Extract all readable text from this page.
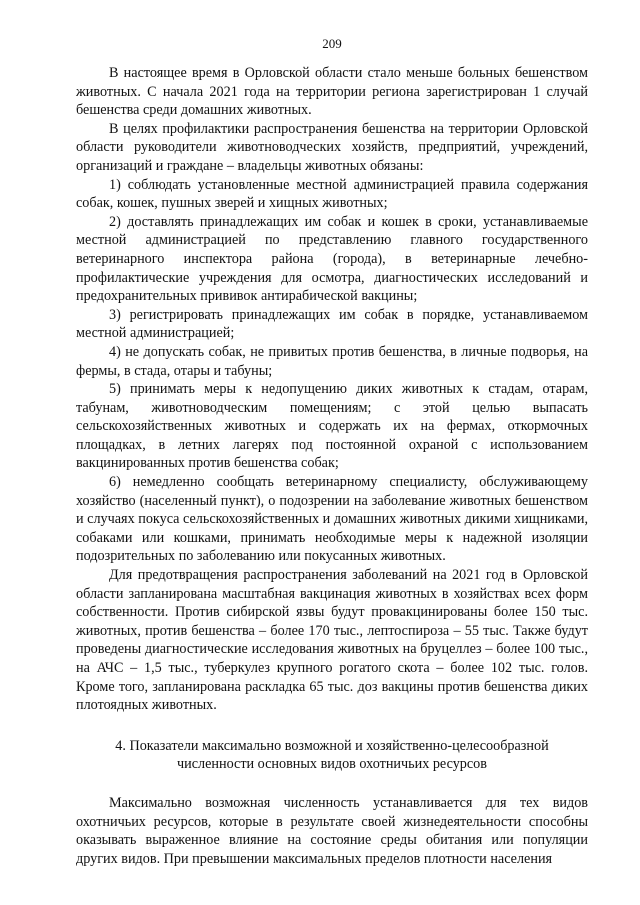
209

В настоящее время в Орловской области стало меньше больных бешенством животных. С начала 2021 года на территории региона зарегистрирован 1 случай бешенства среди домашних животных.

В целях профилактики распространения бешенства на территории Орловской области руководители животноводческих хозяйств, предприятий, учреждений, организаций и граждане – владельцы животных обязаны:

1) соблюдать установленные местной администрацией правила содержания собак, кошек, пушных зверей и хищных животных;

2) доставлять принадлежащих им собак и кошек в сроки, устанавливаемые местной администрацией по представлению главного государственного ветеринарного инспектора района (города), в ветеринарные лечебно-профилактические учреждения для осмотра, диагностических исследований и предохранительных прививок антирабической вакцины;

3) регистрировать принадлежащих им собак в порядке, устанавливаемом местной администрацией;

4) не допускать собак, не привитых против бешенства, в личные подворья, на фермы, в стада, отары и табуны;

5) принимать меры к недопущению диких животных к стадам, отарам, табунам, животноводческим помещениям; с этой целью выпасать сельскохозяйственных животных и содержать их на фермах, откормочных площадках, в летних лагерях под постоянной охраной с использованием вакцинированных против бешенства собак;

6) немедленно сообщать ветеринарному специалисту, обслуживающему хозяйство (населенный пункт), о подозрении на заболевание животных бешенством и случаях покуса сельскохозяйственных и домашних животных дикими хищниками, собаками или кошками, принимать необходимые меры к надежной изоляции подозрительных по заболеванию или покусанных животных.

Для предотвращения распространения заболеваний на 2021 год в Орловской области запланирована масштабная вакцинация животных в хозяйствах всех форм собственности. Против сибирской язвы будут провакцинированы более 150 тыс. животных, против бешенства – более 170 тыс., лептоспироза – 55 тыс. Также будут проведены диагностические исследования животных на бруцеллез – более 100 тыс., на АЧС – 1,5 тыс., туберкулез крупного рогатого скота – более 102 тыс. голов. Кроме того, запланирована раскладка 65 тыс. доз вакцины против бешенства диких плотоядных животных.

4. Показатели максимально возможной и хозяйственно-целесообразной
численности основных видов охотничьих ресурсов

Максимально возможная численность устанавливается для тех видов охотничьих ресурсов, которые в результате своей жизнедеятельности способны оказывать выраженное влияние на состояние среды обитания или популяции других видов. При превышении максимальных пределов плотности населения
